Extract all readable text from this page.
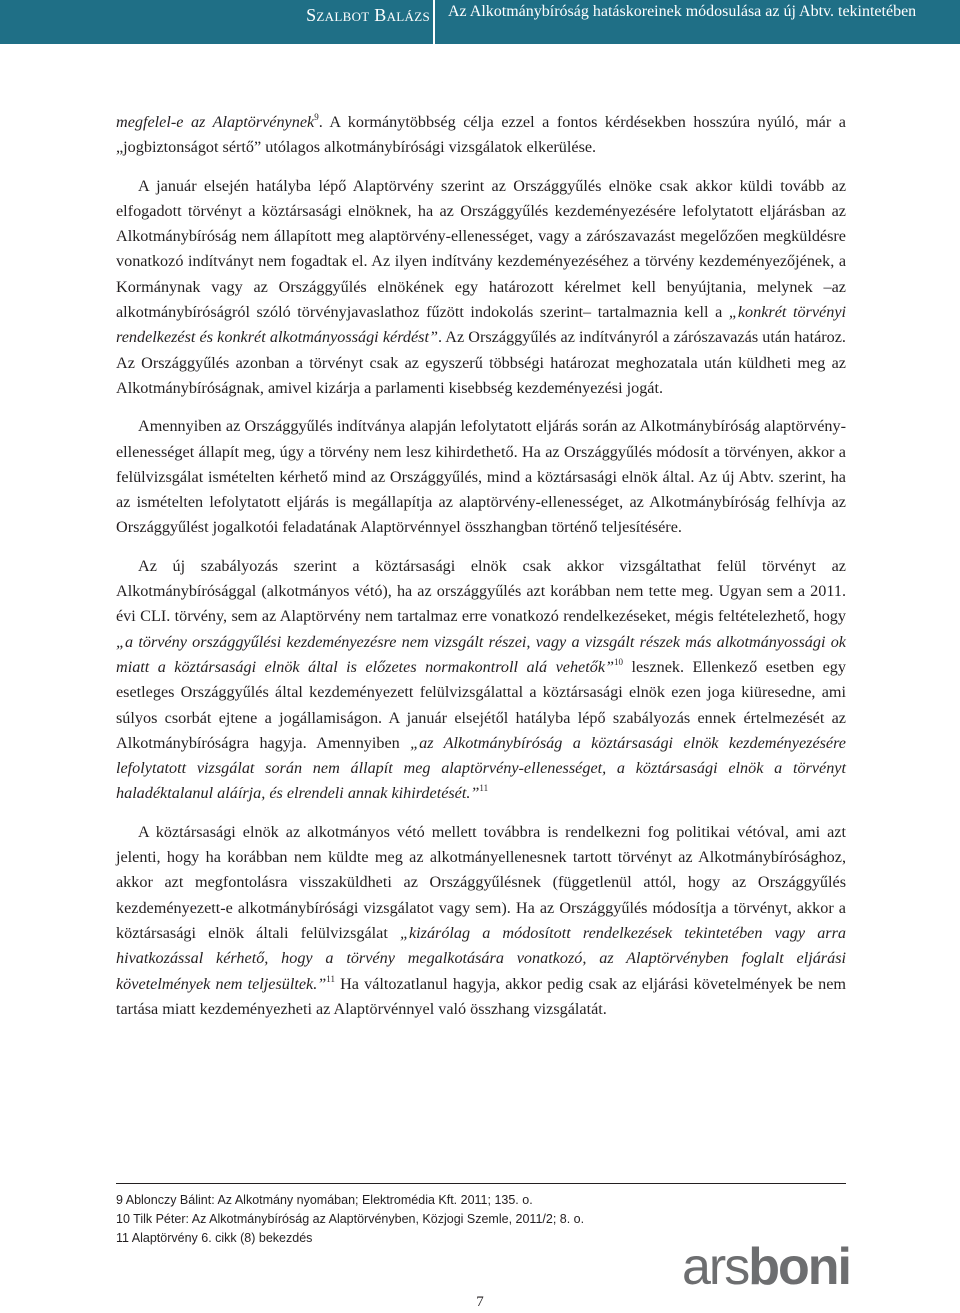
Szalbot Balázs Az Alkotmánybíróság hatáskoreinek módosulása az új Abtv. tekintetében

megfelel-e az Alaptörvénynek$^9$. A kormánytöbbség célja ezzel a fontos kérdésekben hosszúra nyúló, már a „jogbiztonságot sértő” utólagos alkotmánybírósági vizsgálatok elkerülése.

A január elsején hatályba lépő Alaptörvény szerint az Országgyűlés elnöke csak akkor küldi tovább az elfogadott törvényt a köztársasági elnöknek, ha az Országgyűlés kezdeményezésére lefolytatott eljárásban az Alkotmánybíróság nem állapított meg alaptörvény-ellenességet, vagy a zárószavazást megelőzően megküldésre vonatkozó indítványt nem fogadtak el. Az ilyen indítvány kezdeményezéséhez a törvény kezdeményezőjének, a Kormánynak vagy az Országgyűlés elnökének egy határozott kérelmet kell benyújtania, melynek –az alkotmánybíróságról szóló törvényjavaslathoz fűzött indokolás szerint– tartalmaznia kell a „konkrét törvényi rendelkezést és konkrét alkotmányossági kérdést”. Az Országgyűlés az indítványról a zárószavazás után határoz. Az Országgyűlés azonban a törvényt csak az egyszerű többségi határozat meghozatala után küldheti meg az Alkotmánybíróságnak, amivel kizárja a parlamenti kisebbség kezdeményezési jogát.

Amennyiben az Országgyűlés indítványa alapján lefolytatott eljárás során az Alkotmánybíróság alaptörvény-ellenességet állapít meg, úgy a törvény nem lesz kihirdethető. Ha az Országgyűlés módosít a törvényen, akkor a felülvizsgálat ismételten kérhető mind az Országgyűlés, mind a köztársasági elnök által. Az új Abtv. szerint, ha az ismételten lefolytatott eljárás is megállapítja az alaptörvény-ellenességet, az Alkotmánybíróság felhívja az Országgyűlést jogalkotói feladatának Alaptörvénnyel összhangban történő teljesítésére.

Az új szabályozás szerint a köztársasági elnök csak akkor vizsgáltathat felül törvényt az Alkotmánybírósággal (alkotmányos vétó), ha az országgyűlés azt korábban nem tette meg. Ugyan sem a 2011. évi CLI. törvény, sem az Alaptörvény nem tartalmaz erre vonatkozó rendelkezéseket, mégis feltételezhető, hogy „a törvény országgyűlési kezdeményezésre nem vizsgált részei, vagy a vizsgált részek más alkotmányossági ok miatt a köztársasági elnök által is előzetes normakontroll alá vehetők”$^{10}$ lesznek. Ellenkező esetben egy esetleges Országgyűlés által kezdeményezett felülvizsgálattal a köztársasági elnök ezen joga kiüresedne, ami súlyos csorbát ejtene a jogállamiságon. A január elsejétől hatályba lépő szabályozás ennek értelmezését az Alkotmánybíróságra hagyja. Amennyiben „az Alkotmánybíróság a köztársasági elnök kezdeményezésére lefolytatott vizsgálat során nem állapít meg alaptörvény-ellenességet, a köztársasági elnök a törvényt haladéktalanul aláírja, és elrendeli annak kihirdetését.”$^{11}$

A köztársasági elnök az alkotmányos vétó mellett továbbra is rendelkezni fog politikai vétóval, ami azt jelenti, hogy ha korábban nem küldte meg az alkotmányellenesnek tartott törvényt az Alkotmánybírósághoz, akkor azt megfontolásra visszaküldheti az Országgyűlésnek (függetlenül attól, hogy az Országgyűlés kezdeményezett-e alkotmánybírósági vizsgálatot vagy sem). Ha az Országgyűlés módosítja a törvényt, akkor a köztársasági elnök általi felülvizsgálat „kizárólag a módosított rendelkezések tekintetében vagy arra hivatkozással kérhető, hogy a törvény megalkotására vonatkozó, az Alaptörvényben foglalt eljárási követelmények nem teljesültek.”$^{11}$ Ha változatlanul hagyja, akkor pedig csak az eljárási követelmények be nem tartása miatt kezdeményezheti az Alaptörvénnyel való összhang vizsgálatát.

9 Ablonczy Bálint: Az Alkotmány nyomában; Elektromédia Kft. 2011; 135. o.
10 Tilk Péter: Az Alkotmánybíróság az Alaptörvényben, Közjogi Szemle, 2011/2; 8. o.
11 Alaptörvény 6. cikk (8) bekezdés	arsboni
7
